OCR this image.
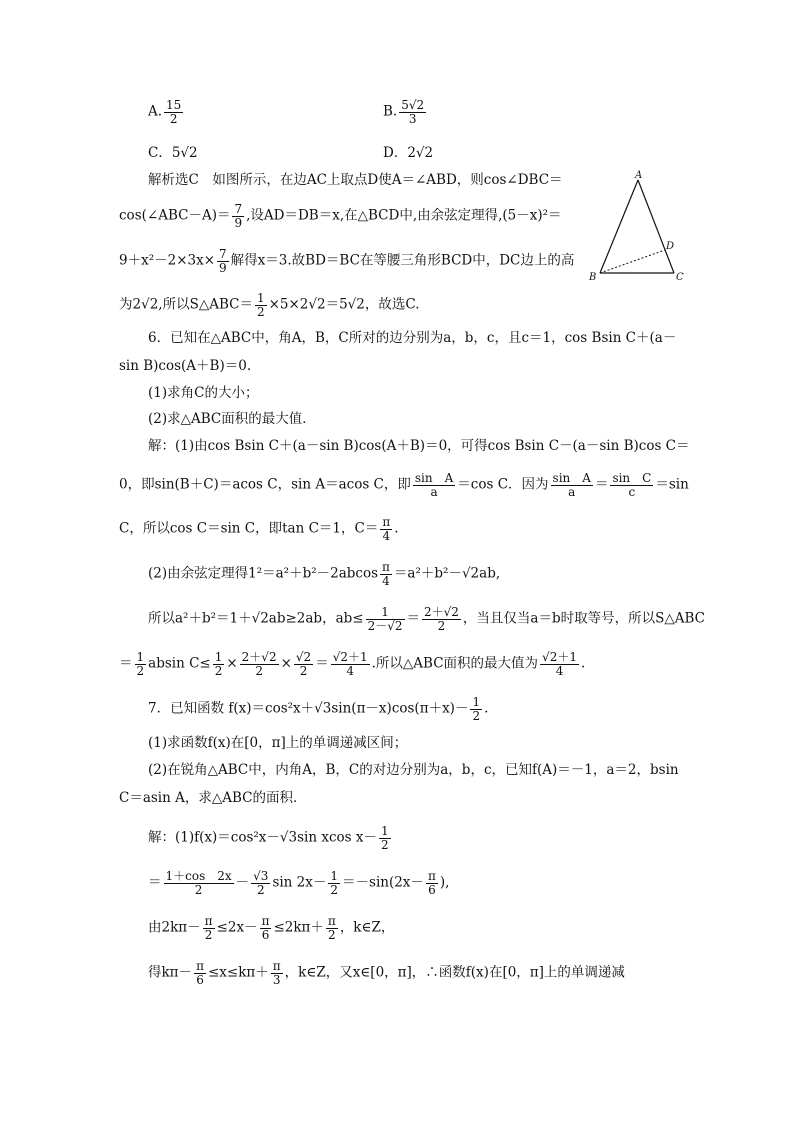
A. $\frac{15}{2}$	B. $\frac{5√2}{3}$
C．5√2	D．2√2
解析选C　如图所示，在边AC上取点D使A＝∠ABD，则cos∠DBC＝
cos(∠ABC－A)＝ $\frac{7}{9}$ ,设AD＝DB＝x,在△BCD中,由余弦定理得,(5－x)²＝
$9+x^2-2\times 3x\times \frac{7}{9}$ 解得x＝3.故BD＝BC在等腰三角形BCD中，DC边上的高
为2√2,所以S△ABC＝ $\frac{1}{2} \times 5\times 2√2=5√2$，故选C.
A
B	C
D
6．已知在△ABC中，角A，B，C所对的边分别为a，b，c，且c＝1，cos Bsin C＋(a－
sin B)cos(A＋B)＝0.
(1)求角C的大小；
(2)求△ABC面积的最大值．
解：(1)由cos Bsin C＋(a－sin B)cos(A＋B)＝0，可得cos Bsin C－(a－sin B)cos C＝
0，即sin(B＋C)＝acos C，sin A＝acos C，即 $\frac{\text{sin　A}}{a} =\cos$ C．因为 $\frac{\text{sin　A}}{a} = \frac{\text{sin　C}}{c} =\sin$
C，所以cos C＝sin C，即tan C＝1，$C= \frac{\pi}{4}$ .
(2)由余弦定理得$1^2=a^2+b^2-2abcos \frac{\pi}{4} =a^2+b^2-√2ab$,
所以a²＋b²＝1＋√2ab≥2ab，$ab\le \frac{1}{2-√2} = \frac{2+√2}{2}$ ，当且仅当a＝b时取等号，所以S△ABC
＝ $\frac{1}{2}$ absin $C\le \frac{1}{2} \times \frac{2+√2}{2} \times \frac{√2}{2} = \frac{√2+1}{4}$ .所以△ABC面积的最大值为 $\frac{√2+1}{4}$ .
7．已知函数 $f(x)=\cos^2x+√3\sin(\pi-x)\cos(\pi+x)- \frac{1}{2}$ .
(1)求函数f(x)在[0，π]上的单调递减区间；
(2)在锐角△ABC中，内角A，B，C的对边分别为a，b，c，已知f(A)＝－1，a＝2，bsin
C＝asin A，求△ABC的面积．
解：(1)f(x)＝cos²x－√3sin xcos $x- \frac{1}{2}$
＝ $\frac{1+\cos 2x}{2} - \frac{√3}{2}$ $\sin 2x- \frac{1}{2} =-\sin(2x- \frac{\pi}{6}$ ),
由$2k\pi- \frac{\pi}{2} \le 2x- \frac{\pi}{6} \le 2k\pi+ \frac{\pi}{2}$ ，k∈Z，
得$k\pi- \frac{\pi}{6} \le x\le k\pi+ \frac{\pi}{3}$ ，k∈Z，又x∈[0，π]，∴函数f(x)在[0，π]上的单调递减
